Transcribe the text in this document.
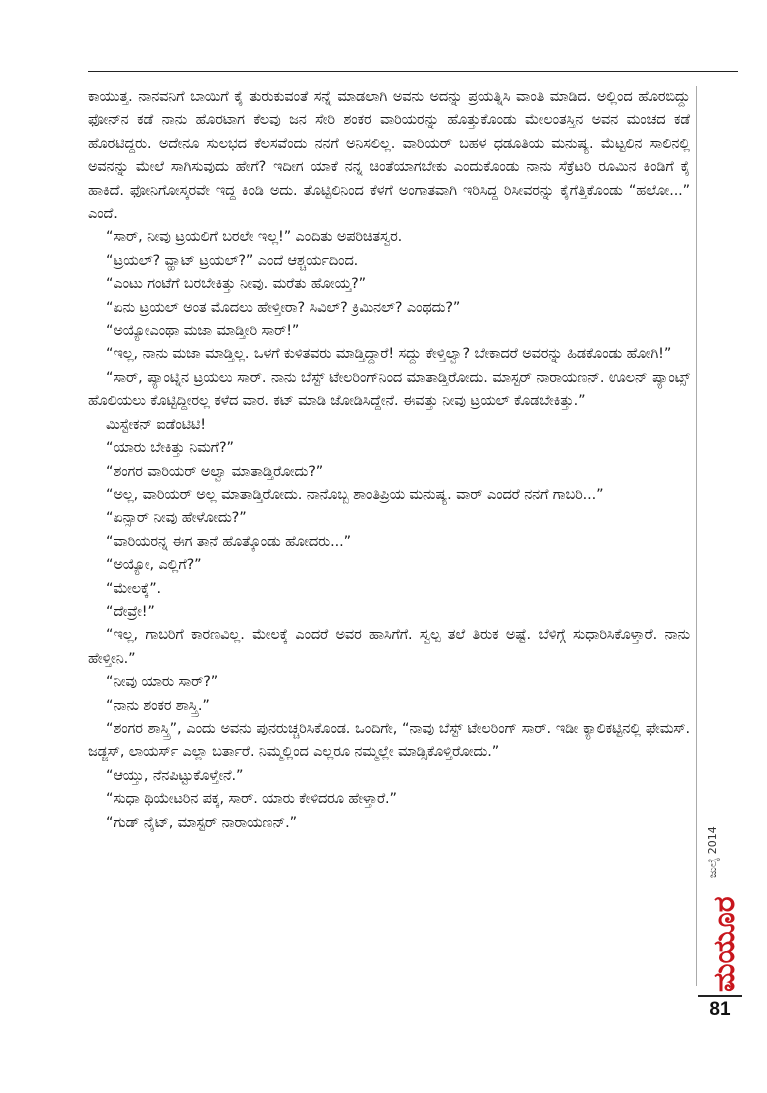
ಕಾಯುತ್ತ. ನಾನವನಿಗೆ ಬಾಯಿಗೆ ಕೈ ತುರುಕುವಂತೆ ಸನ್ನೆ ಮಾಡಲಾಗಿ ಅವನು ಅದನ್ನು ಪ್ರಯತ್ನಿಸಿ ವಾಂತಿ ಮಾಡಿದ. ಅಲ್ಲಿಂದ ಹೊರಬಿದ್ದು ಫೋನ್‌ನ ಕಡೆ ನಾನು ಹೊರಟಾಗ ಕೆಲವು ಜನ ಸೇರಿ ಶಂಕರ ವಾರಿಯರನ್ನು ಹೊತ್ತುಕೊಂಡು ಮೇಲಂತಸ್ತಿನ ಅವನ ಮಂಚದ ಕಡೆ ಹೊರಟಿದ್ದರು. ಅದೇನೂ ಸುಲಭದ ಕೆಲಸವೆಂದು ನನಗೆ ಅನಿಸಲಿಲ್ಲ. ವಾರಿಯರ್ ಬಹಳ ಧಡೂತಿಯ ಮನುಷ್ಯ. ಮೆಟ್ಟಲಿನ ಸಾಲಿನಲ್ಲಿ ಅವನನ್ನು ಮೇಲೆ ಸಾಗಿಸುವುದು ಹೇಗೆ? ಇದೀಗ ಯಾಕೆ ನನ್ನ ಚಿಂತೆಯಾಗಬೇಕು ಎಂದುಕೊಂಡು ನಾನು ಸೆಕ್ರೆಟರಿ ರೂಮಿನ ಕಿಂಡಿಗೆ ಕೈ ಹಾಕಿದೆ. ಫೋನಿಗೋಸ್ಕರವೇ ಇದ್ದ ಕಿಂಡಿ ಅದು. ತೊಟ್ಟಿಲಿನಿಂದ ಕೆಳಗೆ ಅಂಗಾತವಾಗಿ ಇರಿಸಿದ್ದ ರಿಸೀವರನ್ನು ಕೈಗೆತ್ತಿಕೊಂಡು “ಹಲೋ...” ಎಂದೆ.

“ಸಾರ್, ನೀವು ಟ್ರಯಲಿಗೆ ಬರಲೇ ಇಲ್ಲ!” ಎಂದಿತು ಅಪರಿಚಿತಸ್ವರ.

“ಟ್ರಯಲ್? ವ್ಹಾಟ್ ಟ್ರಯಲ್?” ಎಂದೆ ಆಶ್ಚರ್ಯದಿಂದ.

“ಎಂಟು ಗಂಟೆಗೆ ಬರಬೇಕಿತ್ತು ನೀವು. ಮರೆತು ಹೋಯ್ತ?”

“ಏನು ಟ್ರಯಲ್ ಅಂತ ಮೊದಲು ಹೇಳ್ತೀರಾ? ಸಿವಿಲ್? ಕ್ರಿಮಿನಲ್? ಎಂಥದು?”

“ಅಯ್ಯೋಎಂಥಾ ಮಜಾ ಮಾಡ್ತೀರಿ ಸಾರ್!”

“ಇಲ್ಲ, ನಾನು ಮಜಾ ಮಾಡ್ತಿಲ್ಲ. ಒಳಗೆ ಕುಳಿತವರು ಮಾಡ್ತಿದ್ದಾರೆ! ಸದ್ದು ಕೇಳ್ತಿಲ್ವಾ? ಬೇಕಾದರೆ ಅವರನ್ನು ಹಿಡಕೊಂಡು ಹೋಗಿ!”

“ಸಾರ್, ಪ್ಯಾಂಟ್ನಿನ ಟ್ರಯಲು ಸಾರ್. ನಾನು ಬೆಸ್ಟ್ ಟೇಲರಿಂಗ್‌ನಿಂದ ಮಾತಾಡ್ತಿರೋದು. ಮಾಸ್ಟರ್ ನಾರಾಯಣನ್. ಊಲನ್ ಪ್ಯಾಂಟ್ಸ್ ಹೊಲಿಯಲು ಕೊಟ್ಟಿದ್ದೀರಲ್ಲ ಕಳೆದ ವಾರ. ಕಟ್ ಮಾಡಿ ಜೋಡಿಸಿದ್ದೇನೆ. ಈವತ್ತು ನೀವು ಟ್ರಯಲ್ ಕೊಡಬೇಕಿತ್ತು.”

ಮಿಸ್ಟೇಕನ್ ಐಡೆಂಟಿಟಿ!

“ಯಾರು ಬೇಕಿತ್ತು ನಿಮಗೆ?”

“ಶಂಗರ ವಾರಿಯರ್ ಅಲ್ವಾ ಮಾತಾಡ್ತಿರೋದು?”

“ಅಲ್ಲ, ವಾರಿಯರ್ ಅಲ್ಲ ಮಾತಾಡ್ತಿರೋದು. ನಾನೊಬ್ಬ ಶಾಂತಿಪ್ರಿಯ ಮನುಷ್ಯ. ವಾರ್ ಎಂದರೆ ನನಗೆ ಗಾಬರಿ...”

“ಏನ್ಸಾರ್ ನೀವು ಹೇಳೋದು?”

“ವಾರಿಯರನ್ನ ಈಗ ತಾನೆ ಹೊತ್ಕೊಂಡು ಹೋದರು...”

“ಅಯ್ಯೋ, ಎಲ್ಲಿಗೆ?”

“ಮೇಲಕ್ಕೆ”.

“ದೇವ್ರೇ!”

“ಇಲ್ಲ, ಗಾಬರಿಗೆ ಕಾರಣವಿಲ್ಲ. ಮೇಲಕ್ಕೆ ಎಂದರೆ ಅವರ ಹಾಸಿಗೆಗೆ. ಸ್ವಲ್ಪ ತಲೆ ತಿರುಕ ಅಷ್ಟೆ. ಬೆಳಿಗ್ಗೆ ಸುಧಾರಿಸಿಕೊಳ್ತಾರೆ. ನಾನು ಹೇಳ್ತೀನಿ.”

“ನೀವು ಯಾರು ಸಾರ್?”

“ನಾನು ಶಂಕರ ಶಾಸ್ತ್ರಿ.”

“ಶಂಗರ ಶಾಸ್ತ್ರಿ”, ಎಂದು ಅವನು ಪುನರುಚ್ಚರಿಸಿಕೊಂಡ. ಒಂದಿಗೇ, “ನಾವು ಬೆಸ್ಟ್ ಟೇಲರಿಂಗ್ ಸಾರ್. ಇಡೀ ಕ್ಯಾಲಿಕಟ್ಟಿನಲ್ಲಿ ಫೇಮಸ್. ಜಡ್ಜಸ್, ಲಾಯರ್ಸ್ ಎಲ್ಲಾ ಬರ್ತಾರೆ. ನಿಮ್ಮಲ್ಲಿಂದ ಎಲ್ಲರೂ ನಮ್ಮಲ್ಲೇ ಮಾಡ್ಸಿಕೊಳ್ತಿರೋದು.”

“ಆಯ್ತು, ನೆನಪಿಟ್ಟುಕೊಳ್ತೇನೆ.”

“ಸುಧಾ ಥಿಯೇಟರಿನ ಪಕ್ಕ, ಸಾರ್. ಯಾರು ಕೇಳಿದರೂ ಹೇಳ್ತಾರೆ.”

“ಗುಡ್ ನೈಟ್, ಮಾಸ್ಟರ್ ನಾರಾಯಣನ್.”

ಮಯೂರ
ಜುಲೈ 2014
81
